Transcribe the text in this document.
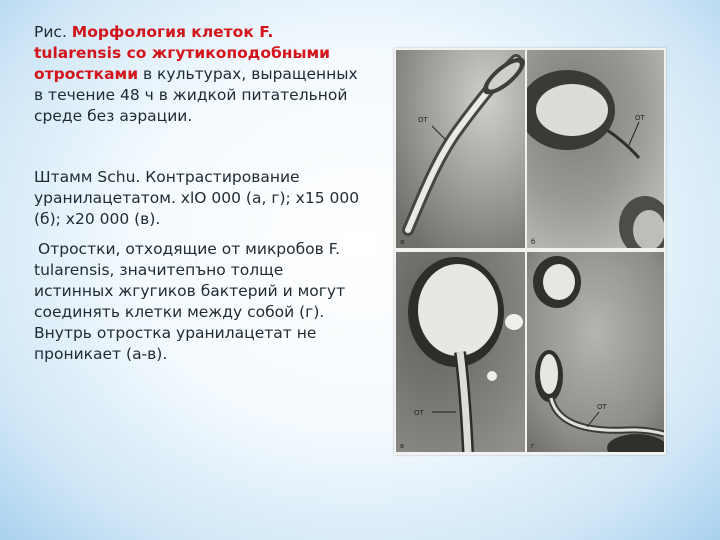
Рис. Морфология клеток F. tularensis со жгутикоподобными отростками в культурах, выращенных в течение 48 ч в жидкой питательной среде без аэрации.

Штамм Schu. Контрастирование уранилацетатом. xlO 000 (а, г); х15 000 (б); х20 000 (в).

Отростки, отходящие от микробов F. tularensis, значитепъно толще истинных жгугиков бактерий и могут соединять клетки между собой (г). Внутрь отростка уранилацетат не проникает (а-в).

ОТ
а
ОТ
б
ОТ
в
ОТ
г
